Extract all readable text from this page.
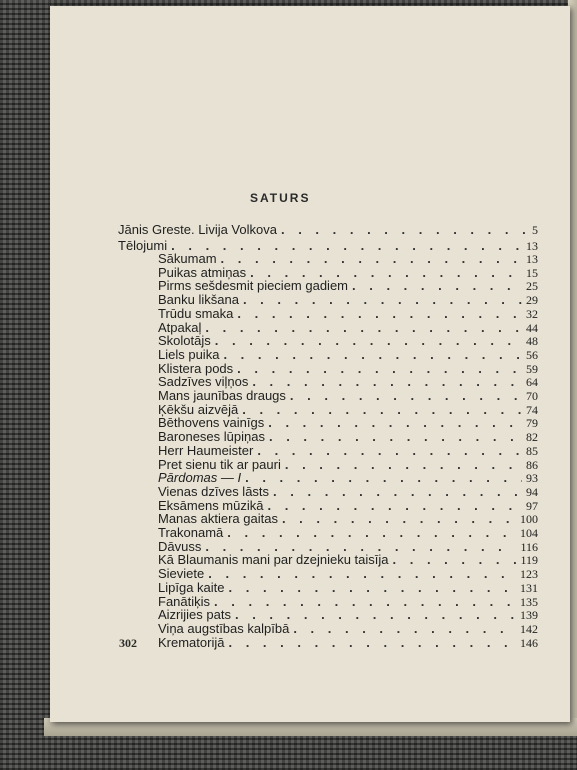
SATURS
Jānis Greste. Livija Volkova . . .	5
Tēlojumi . . .	13
Sākumam . . .	13
Puikas atmiņas . . .	15
Pirms sešdesmit pieciem gadiem . . .	25
Banku likšana . . .	29
Trūdu smaka . . .	32
Atpakaļ . . .	44
Skolotājs . . .	48
Liels puika . . .	56
Klistera pods . . .	59
Sadzīves viļņos . . .	64
Mans jaunības draugs . . .	70
Ķēkšu aizvējā . . .	74
Bēthovens vainīgs . . .	79
Baroneses lūpiņas . . .	82
Herr Haumeister . . .	85
Pret sienu tik ar pauri . . .	86
Pārdomas — I . . .	93
Vienas dzīves lāsts . . .	94
Eksāmens mūzikā . . .	97
Manas aktiera gaitas . . .	100
Trakonamā . . .	104
Dāvuss . . .	116
Kā Blaumanis mani par dzejnieku taisīja . . .	119
Sieviete . . .	123
Lipīga kaite . . .	131
Fanātiķis . . .	135
Aizrijies pats . . .	139
Viņa augstības kalpībā . . .	142
Krematorijā . . .	146
302
